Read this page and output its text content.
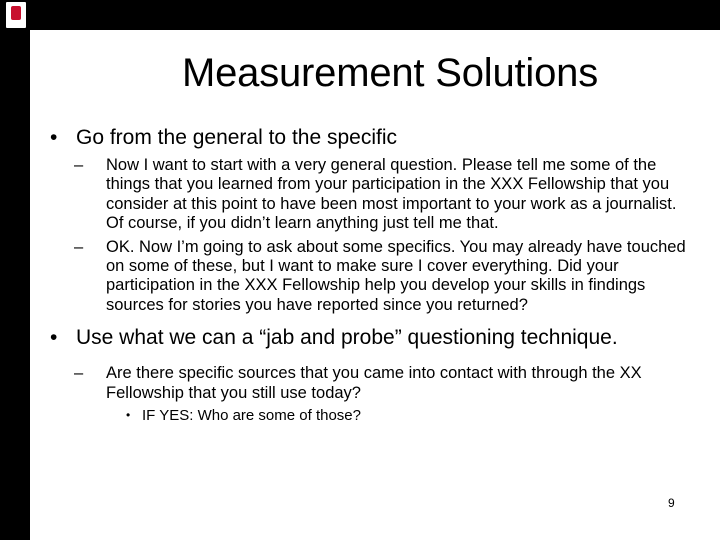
Measurement Solutions
• Go from the general to the specific
– Now I want to start with a very general question. Please tell me some of the things that you learned from your participation in the XXX Fellowship that you consider at this point to have been most important to your work as a journalist. Of course, if you didn’t learn anything just tell me that.
– OK. Now I’m going to ask about some specifics. You may already have touched on some of these, but I want to make sure I cover everything. Did your participation in the XXX Fellowship help you develop your skills in findings sources for stories you have reported since you returned?
• Use what we can a “jab and probe” questioning technique.
– Are there specific sources that you came into contact with through the XX Fellowship that you still use today?
• IF YES: Who are some of those?
9
